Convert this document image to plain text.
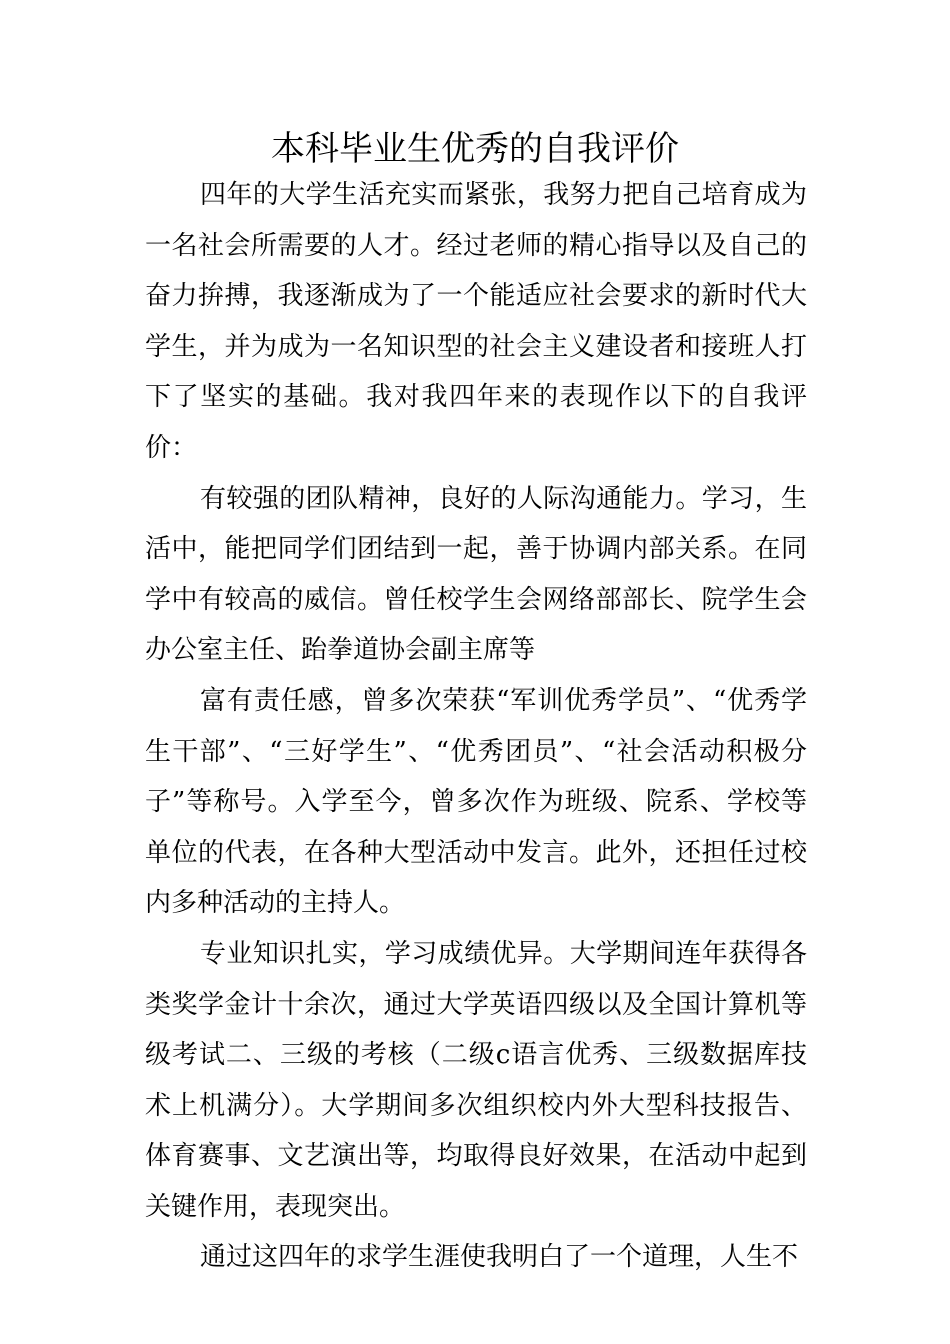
本科毕业生优秀的自我评价

四年的大学生活充实而紧张，我努力把自己培育成为一名社会所需要的人才。经过老师的精心指导以及自己的奋力拚搏，我逐渐成为了一个能适应社会要求的新时代大学生，并为成为一名知识型的社会主义建设者和接班人打下了坚实的基础。我对我四年来的表现作以下的自我评价：

有较强的团队精神，良好的人际沟通能力。学习，生活中，能把同学们团结到一起，善于协调内部关系。在同学中有较高的威信。曾任校学生会网络部部长、院学生会办公室主任、跆拳道协会副主席等

富有责任感，曾多次荣获“军训优秀学员”、“优秀学生干部”、“三好学生”、“优秀团员”、“社会活动积极分子”等称号。入学至今，曾多次作为班级、院系、学校等单位的代表，在各种大型活动中发言。此外，还担任过校内多种活动的主持人。

专业知识扎实，学习成绩优异。大学期间连年获得各类奖学金计十余次，通过大学英语四级以及全国计算机等级考试二、三级的考核（二级c语言优秀、三级数据库技术上机满分）。大学期间多次组织校内外大型科技报告、体育赛事、文艺演出等，均取得良好效果，在活动中起到关键作用，表现突出。

通过这四年的求学生涯使我明白了一个道理，人生不
